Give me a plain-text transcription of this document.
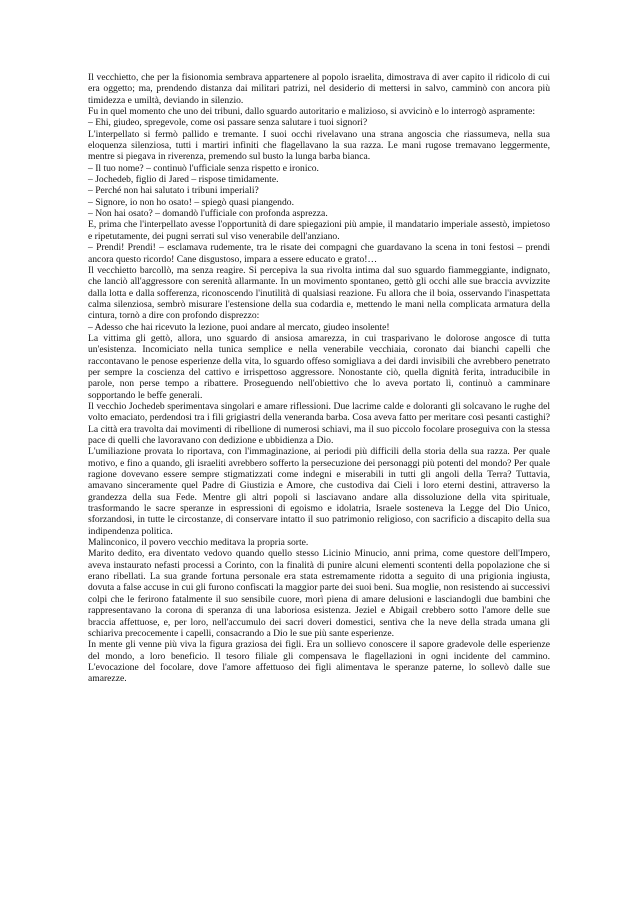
Il vecchietto, che per la fisionomia sembrava appartenere al popolo israelita, dimostrava di aver capito il ridicolo di cui era oggetto; ma, prendendo distanza dai militari patrizi, nel desiderio di mettersi in salvo, camminò con ancora più timidezza e umiltà, deviando in silenzio.

Fu in quel momento che uno dei tribuni, dallo sguardo autoritario e malizioso, si avvicinò e lo interrogò aspramente:

– Ehi, giudeo, spregevole, come osi passare senza salutare i tuoi signori?

L'interpellato si fermò pallido e tremante. I suoi occhi rivelavano una strana angoscia che riassumeva, nella sua eloquenza silenziosa, tutti i martiri infiniti che flagellavano la sua razza. Le mani rugose tremavano leggermente, mentre si piegava in riverenza, premendo sul busto la lunga barba bianca.

– Il tuo nome? – continuò l'ufficiale senza rispetto e ironico.

– Jochedeb, figlio di Jared – rispose timidamente.

– Perché non hai salutato i tribuni imperiali?

– Signore, io non ho osato! – spiegò quasi piangendo.

– Non hai osato? – domandò l'ufficiale con profonda asprezza.

E, prima che l'interpellato avesse l'opportunità di dare spiegazioni più ampie, il mandatario imperiale assestò, impietoso e ripetutamente, dei pugni serrati sul viso venerabile dell'anziano.

– Prendi! Prendi! – esclamava rudemente, tra le risate dei compagni che guardavano la scena in toni festosi – prendi ancora questo ricordo! Cane disgustoso, impara a essere educato e grato!…

Il vecchietto barcollò, ma senza reagire. Si percepiva la sua rivolta intima dal suo sguardo fiammeggiante, indignato, che lanciò all'aggressore con serenità allarmante. In un movimento spontaneo, gettò gli occhi alle sue braccia avvizzite dalla lotta e dalla sofferenza, riconoscendo l'inutilità di qualsiasi reazione. Fu allora che il boia, osservando l'inaspettata calma silenziosa, sembrò misurare l'estensione della sua codardia e, mettendo le mani nella complicata armatura della cintura, tornò a dire con profondo disprezzo:

– Adesso che hai ricevuto la lezione, puoi andare al mercato, giudeo insolente!

La vittima gli gettò, allora, uno sguardo di ansiosa amarezza, in cui trasparivano le dolorose angosce di tutta un'esistenza. Incomiciato nella tunica semplice e nella venerabile vecchiaia, coronato dai bianchi capelli che raccontavano le penose esperienze della vita, lo sguardo offeso somigliava a dei dardi invisibili che avrebbero penetrato per sempre la coscienza del cattivo e irrispettoso aggressore. Nonostante ciò, quella dignità ferita, intraducibile in parole, non perse tempo a ribattere. Proseguendo nell'obiettivo che lo aveva portato lì, continuò a camminare sopportando le beffe generali.

Il vecchio Jochedeb sperimentava singolari e amare riflessioni. Due lacrime calde e doloranti gli solcavano le rughe del volto emaciato, perdendosi tra i fili grigiastri della veneranda barba. Cosa aveva fatto per meritare così pesanti castighi? La città era travolta dai movimenti di ribellione di numerosi schiavi, ma il suo piccolo focolare proseguiva con la stessa pace di quelli che lavoravano con dedizione e ubbidienza a Dio.

L'umiliazione provata lo riportava, con l'immaginazione, ai periodi più difficili della storia della sua razza. Per quale motivo, e fino a quando, gli israeliti avrebbero sofferto la persecuzione dei personaggi più potenti del mondo? Per quale ragione dovevano essere sempre stigmatizzati come indegni e miserabili in tutti gli angoli della Terra? Tuttavia, amavano sinceramente quel Padre di Giustizia e Amore, che custodiva dai Cieli i loro eterni destini, attraverso la grandezza della sua Fede. Mentre gli altri popoli si lasciavano andare alla dissoluzione della vita spirituale, trasformando le sacre speranze in espressioni di egoismo e idolatria, Israele sosteneva la Legge del Dio Unico, sforzandosi, in tutte le circostanze, di conservare intatto il suo patrimonio religioso, con sacrificio a discapito della sua indipendenza politica.

Malinconico, il povero vecchio meditava la propria sorte.

Marito dedito, era diventato vedovo quando quello stesso Licinio Minucio, anni prima, come questore dell'Impero, aveva instaurato nefasti processi a Corinto, con la finalità di punire alcuni elementi scontenti della popolazione che si erano ribellati. La sua grande fortuna personale era stata estremamente ridotta a seguito di una prigionia ingiusta, dovuta a false accuse in cui gli furono confiscati la maggior parte dei suoi beni. Sua moglie, non resistendo ai successivi colpi che le ferirono fatalmente il suo sensibile cuore, morì piena di amare delusioni e lasciandogli due bambini che rappresentavano la corona di speranza di una laboriosa esistenza. Jeziel e Abigail crebbero sotto l'amore delle sue braccia affettuose, e, per loro, nell'accumulo dei sacri doveri domestici, sentiva che la neve della strada umana gli schiariva precocemente i capelli, consacrando a Dio le sue più sante esperienze.

In mente gli venne più viva la figura graziosa dei figli. Era un sollievo conoscere il sapore gradevole delle esperienze del mondo, a loro beneficio. Il tesoro filiale gli compensava le flagellazioni in ogni incidente del cammino. L'evocazione del focolare, dove l'amore affettuoso dei figli alimentava le speranze paterne, lo sollevò dalle sue amarezze.
